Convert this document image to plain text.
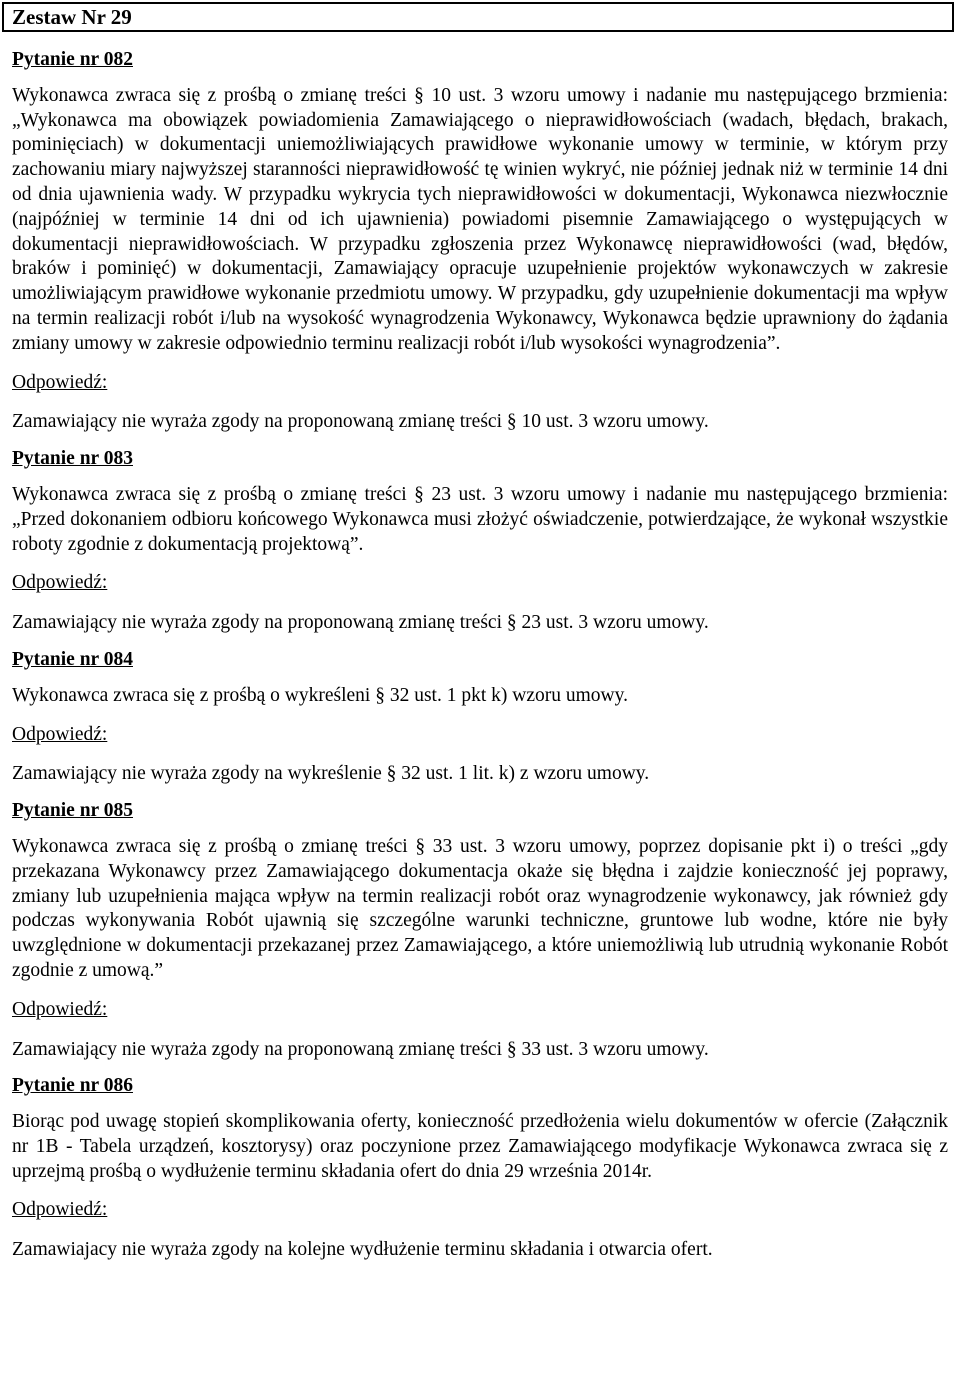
Zestaw Nr 29

Pytanie nr 082

Wykonawca zwraca się z prośbą o zmianę treści § 10 ust. 3 wzoru umowy i nadanie mu następującego brzmienia: „Wykonawca ma obowiązek powiadomienia Zamawiającego o nieprawidłowościach (wadach, błędach, brakach, pominięciach) w dokumentacji uniemożliwiających prawidłowe wykonanie umowy w terminie, w którym przy zachowaniu miary najwyższej staranności nieprawidłowość tę winien wykryć, nie później jednak niż w terminie 14 dni od dnia ujawnienia wady. W przypadku wykrycia tych nieprawidłowości w dokumentacji, Wykonawca niezwłocznie (najpóźniej w terminie 14 dni od ich ujawnienia) powiadomi pisemnie Zamawiającego o występujących w dokumentacji nieprawidłowościach. W przypadku zgłoszenia przez Wykonawcę nieprawidłowości (wad, błędów, braków i pominięć) w dokumentacji, Zamawiający opracuje uzupełnienie projektów wykonawczych w zakresie umożliwiającym prawidłowe wykonanie przedmiotu umowy. W przypadku, gdy uzupełnienie dokumentacji ma wpływ na termin realizacji robót i/lub na wysokość wynagrodzenia Wykonawcy, Wykonawca będzie uprawniony do żądania zmiany umowy w zakresie odpowiednio terminu realizacji robót i/lub wysokości wynagrodzenia”.

Odpowiedź:

Zamawiający nie wyraża zgody na proponowaną zmianę treści § 10 ust. 3 wzoru umowy.

Pytanie nr 083

Wykonawca zwraca się z prośbą o zmianę treści § 23 ust. 3 wzoru umowy i nadanie mu następującego brzmienia: „Przed dokonaniem odbioru końcowego Wykonawca musi złożyć oświadczenie, potwierdzające, że wykonał wszystkie roboty zgodnie z dokumentacją projektową”.

Odpowiedź:

Zamawiający nie wyraża zgody na proponowaną zmianę treści § 23 ust. 3 wzoru umowy.

Pytanie nr 084

Wykonawca zwraca się z prośbą o wykreśleni § 32 ust. 1 pkt k) wzoru umowy.

Odpowiedź:

Zamawiający nie wyraża zgody na wykreślenie § 32 ust. 1 lit. k) z wzoru umowy.

Pytanie nr 085

Wykonawca zwraca się z prośbą o zmianę treści § 33 ust. 3 wzoru umowy, poprzez dopisanie pkt i) o treści „gdy przekazana Wykonawcy przez Zamawiającego dokumentacja okaże się błędna i zajdzie konieczność jej poprawy, zmiany lub uzupełnienia mająca wpływ na termin realizacji robót oraz wynagrodzenie wykonawcy, jak również gdy podczas wykonywania Robót ujawnią się szczególne warunki techniczne, gruntowe lub wodne, które nie były uwzględnione w dokumentacji przekazanej przez Zamawiającego, a które uniemożliwią lub utrudnią wykonanie Robót zgodnie z umową.”

Odpowiedź:

Zamawiający nie wyraża zgody na proponowaną zmianę treści § 33 ust. 3 wzoru umowy.

Pytanie nr 086

Biorąc pod uwagę stopień skomplikowania oferty, konieczność przedłożenia wielu dokumentów w ofercie (Załącznik nr 1B - Tabela urządzeń, kosztorysy) oraz poczynione przez Zamawiającego modyfikacje Wykonawca zwraca się z uprzejmą prośbą o wydłużenie terminu składania ofert do dnia 29 września 2014r.

Odpowiedź:

Zamawiajacy nie wyraża zgody na kolejne wydłużenie terminu składania i otwarcia ofert.
